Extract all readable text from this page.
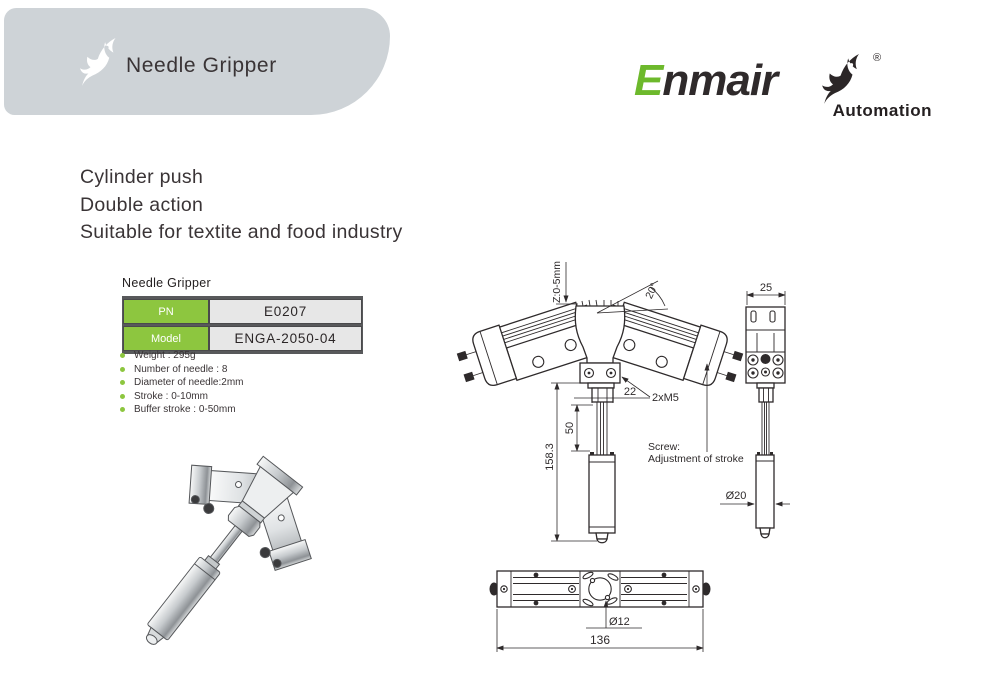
Needle Gripper	Enmair	®
Automation
Cylinder push
Double action
Suitable for textite and food industry
Needle Gripper
PN	E0207
Model	ENGA-2050-04
Weight : 295g
Number of needle : 8
Diameter of needle:2mm
Stroke : 0-10mm
Buffer stroke : 0-50mm
Z:0-5mm	20°
22 2xM5
50
158.3	Screw:
Adjustment of stroke
25
Ø20
Ø12
136
